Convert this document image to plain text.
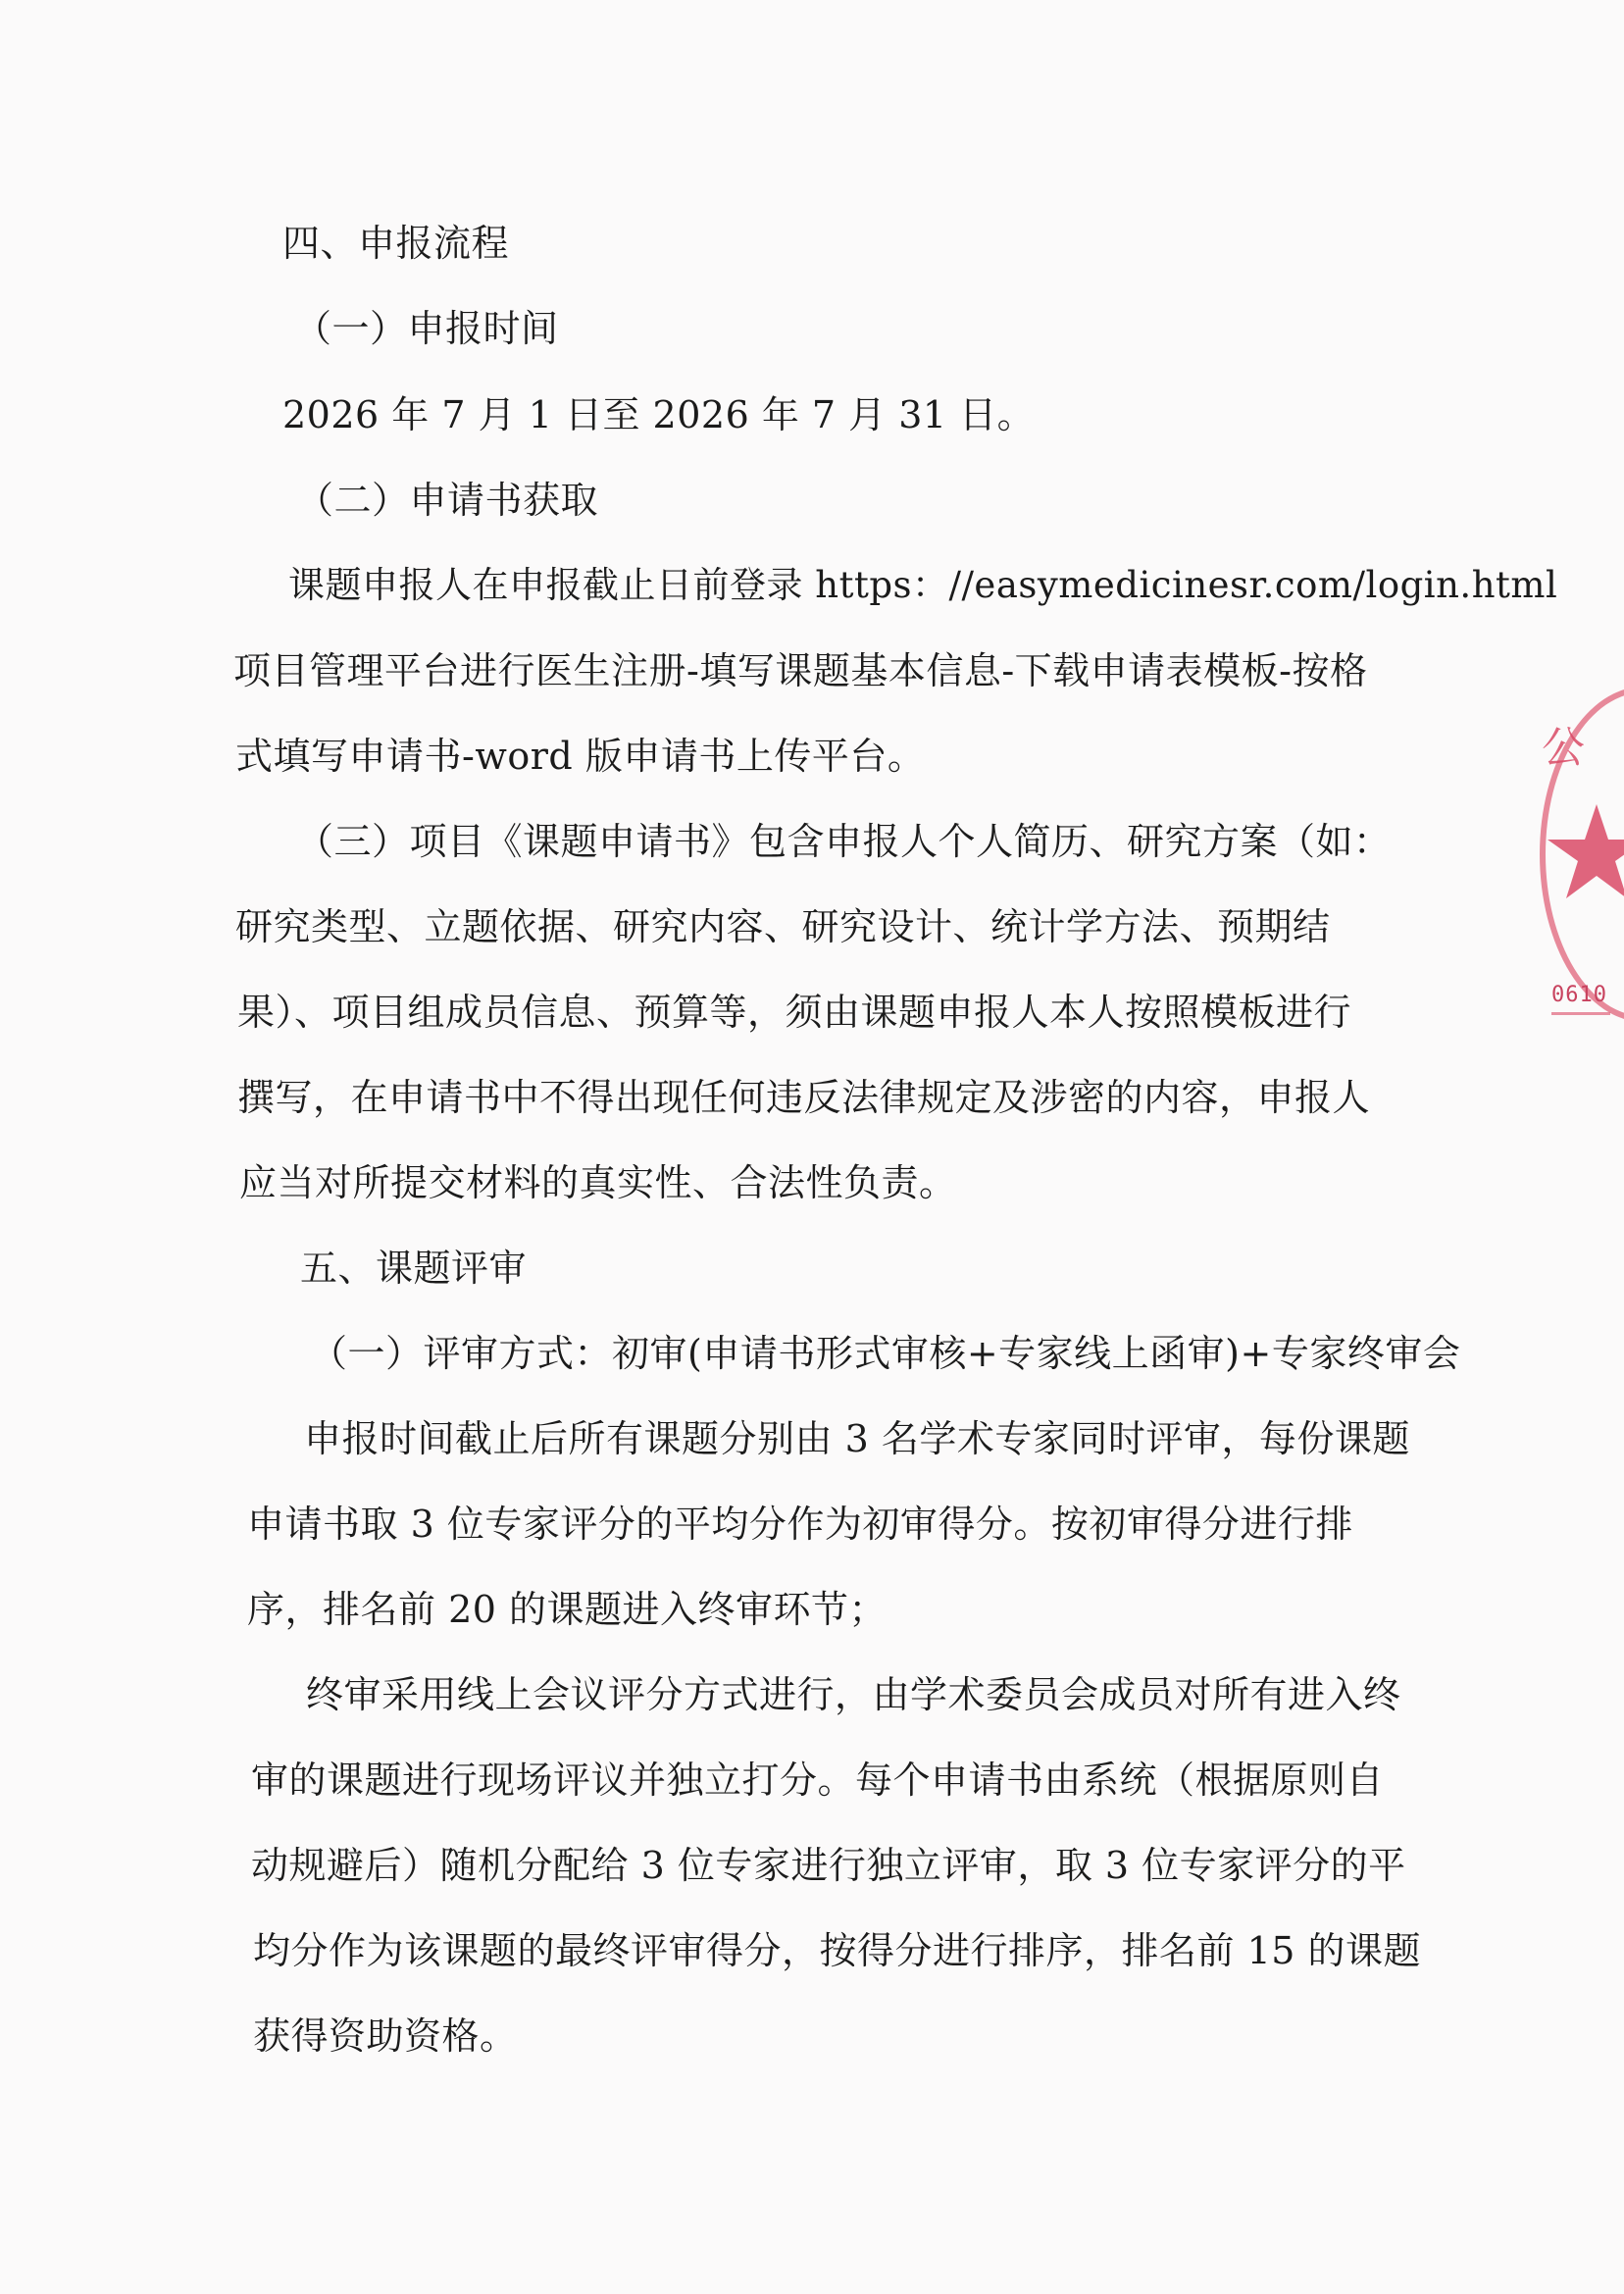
四、申报流程
（一）申报时间
2026 年 7 月 1 日至 2026 年 7 月 31 日。
（二）申请书获取
课题申报人在申报截止日前登录 https：//easymedicinesr.com/login.html
项目管理平台进行医生注册-填写课题基本信息-下载申请表模板-按格
式填写申请书-word 版申请书上传平台。
（三）项目《课题申请书》包含申报人个人简历、研究方案（如：
研究类型、立题依据、研究内容、研究设计、统计学方法、预期结
果）、项目组成员信息、预算等，须由课题申报人本人按照模板进行
撰写，在申请书中不得出现任何违反法律规定及涉密的内容，申报人
应当对所提交材料的真实性、合法性负责。
五、课题评审
（一）评审方式：初审(申请书形式审核+专家线上函审)+专家终审会
申报时间截止后所有课题分别由 3 名学术专家同时评审，每份课题
申请书取 3 位专家评分的平均分作为初审得分。按初审得分进行排
序，排名前 20 的课题进入终审环节；
终审采用线上会议评分方式进行，由学术委员会成员对所有进入终
审的课题进行现场评议并独立打分。每个申请书由系统（根据原则自
动规避后）随机分配给 3 位专家进行独立评审，取 3 位专家评分的平
均分作为该课题的最终评审得分，按得分进行排序，排名前 15 的课题
获得资助资格。
公
0610
